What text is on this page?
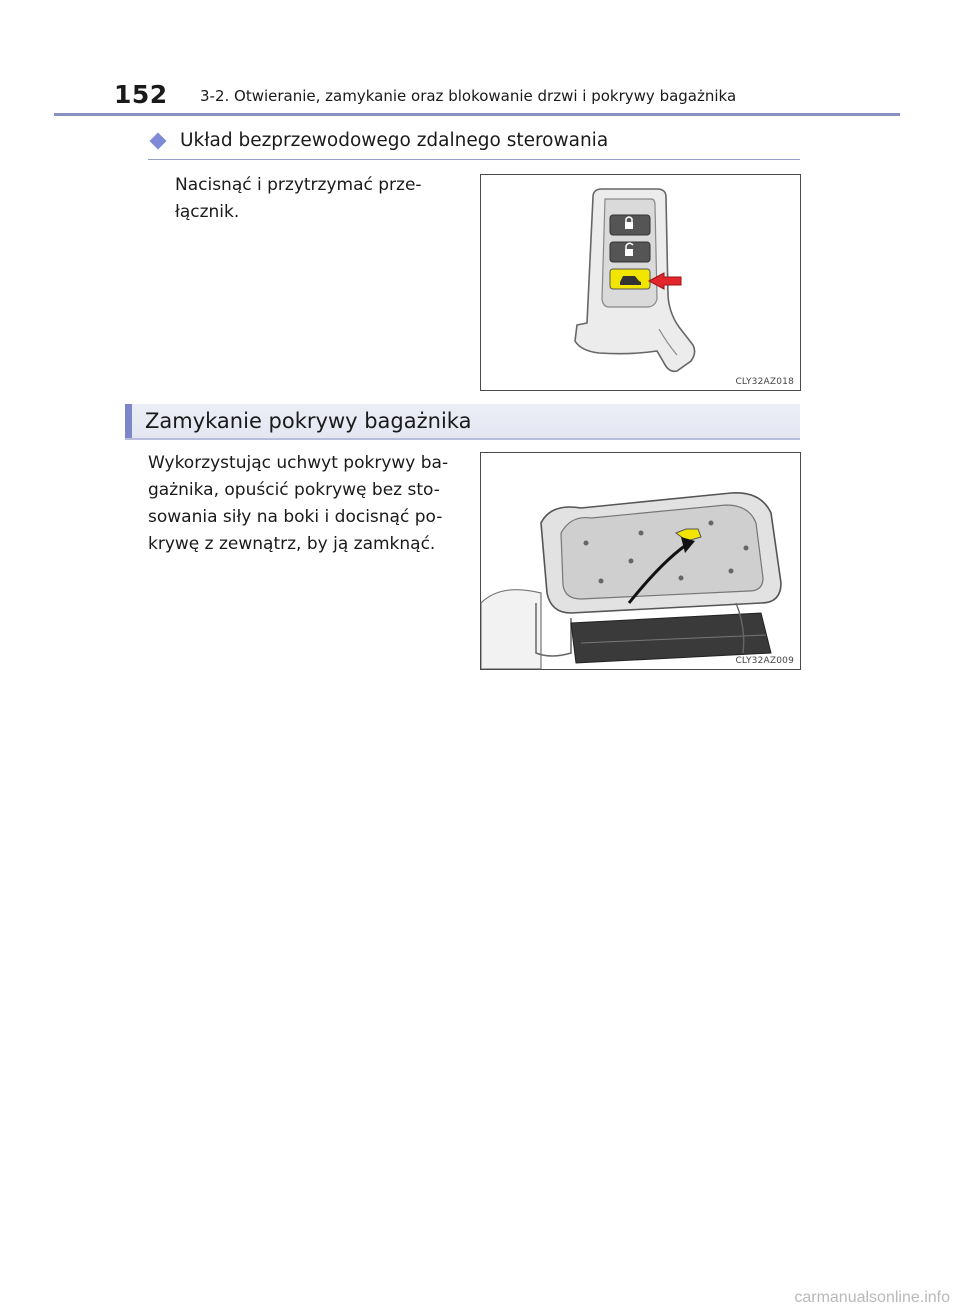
152 3-2. Otwieranie, zamykanie oraz blokowanie drzwi i pokrywy bagażnika
Układ bezprzewodowego zdalnego sterowania
Nacisnąć i przytrzymać prze-
łącznik.
CLY32AZ018
Zamykanie pokrywy bagażnika
Wykorzystując uchwyt pokrywy ba-
gażnika, opuścić pokrywę bez sto-
sowania siły na boki i docisnąć po-
krywę z zewnątrz, by ją zamknąć.
CLY32AZ009
carmanualsonline.info
